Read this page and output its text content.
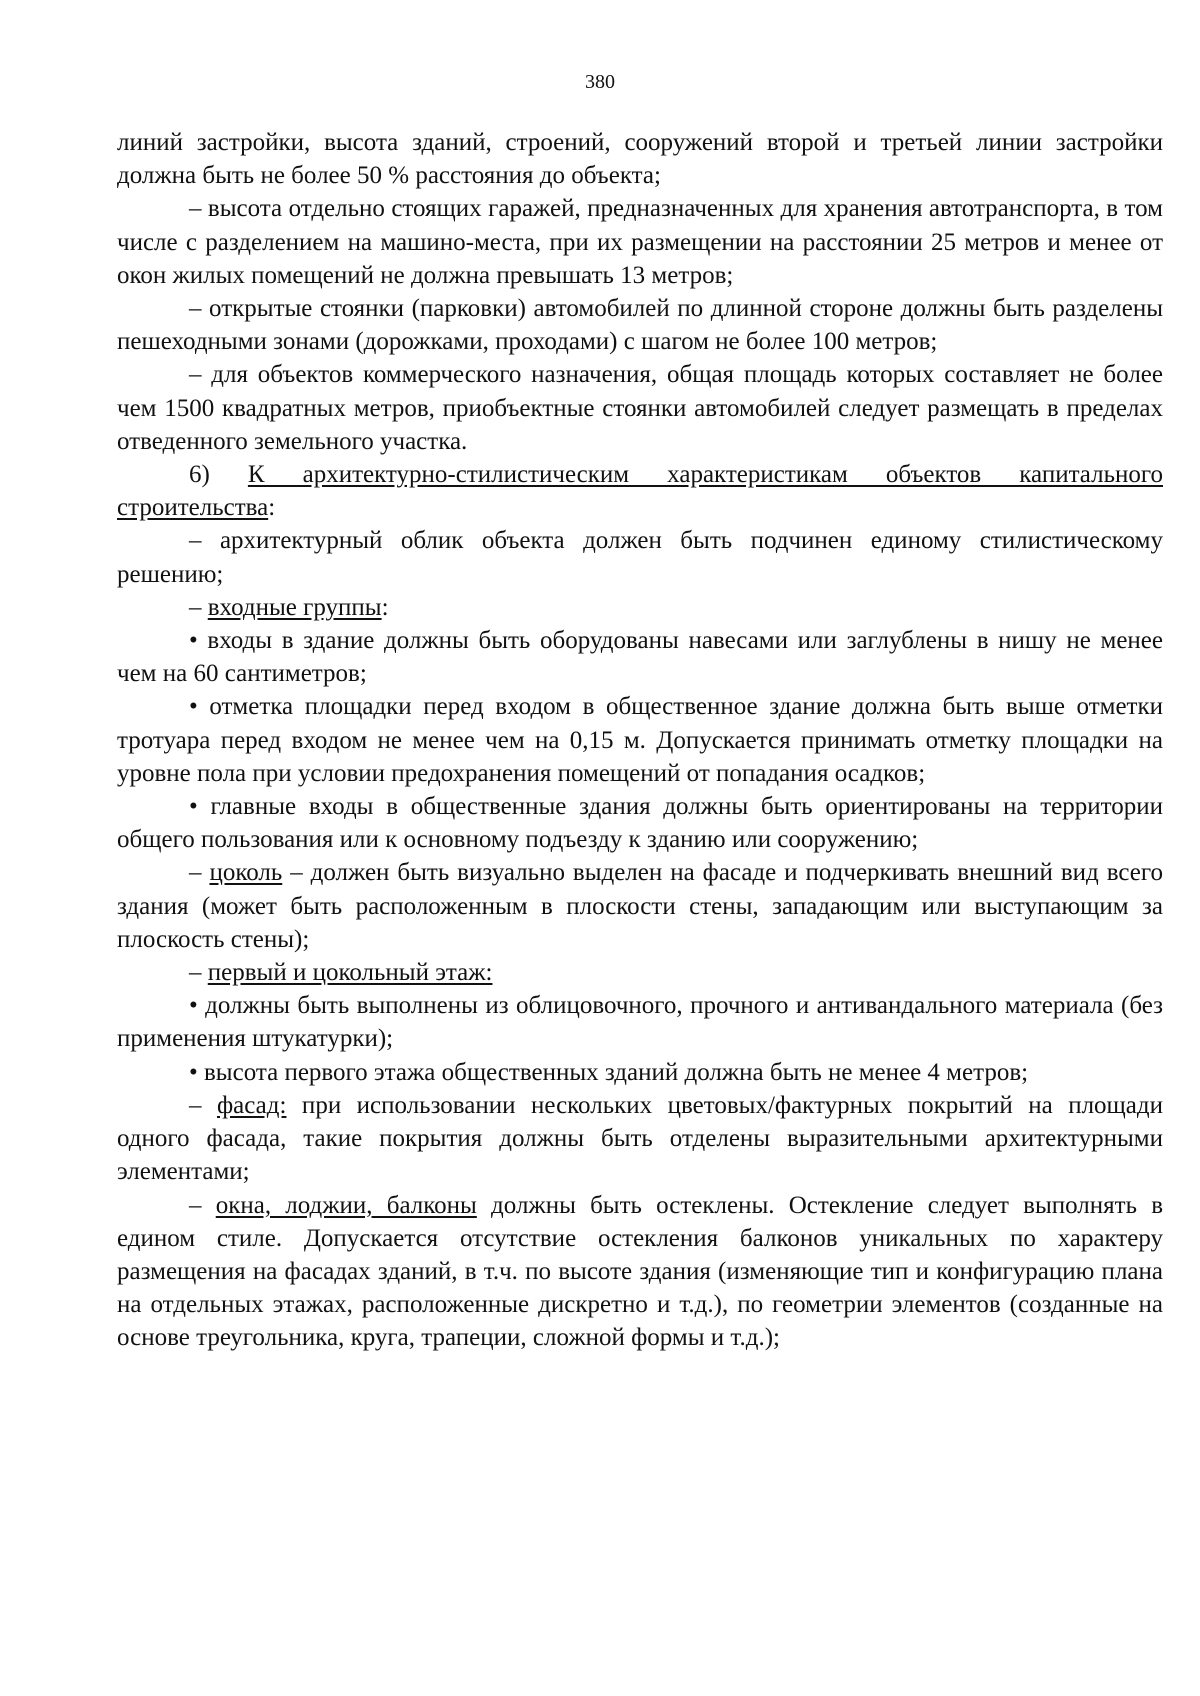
380

линий застройки, высота зданий, строений, сооружений второй и третьей линии застройки должна быть не более 50 % расстояния до объекта;

– высота отдельно стоящих гаражей, предназначенных для хранения автотранспорта, в том числе с разделением на машино-места, при их размещении на расстоянии 25 метров и менее от окон жилых помещений не должна превышать 13 метров;

– открытые стоянки (парковки) автомобилей по длинной стороне должны быть разделены пешеходными зонами (дорожками, проходами) с шагом не более 100 метров;

– для объектов коммерческого назначения, общая площадь которых составляет не более чем 1500 квадратных метров, приобъектные стоянки автомобилей следует размещать в пределах отведенного земельного участка.

6) К архитектурно-стилистическим характеристикам объектов капитального строительства:

– архитектурный облик объекта должен быть подчинен единому стилистическому решению;

– входные группы:

• входы в здание должны быть оборудованы навесами или заглублены в нишу не менее чем на 60 сантиметров;

• отметка площадки перед входом в общественное здание должна быть выше отметки тротуара перед входом не менее чем на 0,15 м. Допускается принимать отметку площадки на уровне пола при условии предохранения помещений от попадания осадков;

• главные входы в общественные здания должны быть ориентированы на территории общего пользования или к основному подъезду к зданию или сооружению;

– цоколь – должен быть визуально выделен на фасаде и подчеркивать внешний вид всего здания (может быть расположенным в плоскости стены, западающим или выступающим за плоскость стены);

– первый и цокольный этаж:

• должны быть выполнены из облицовочного, прочного и антивандального материала (без применения штукатурки);

• высота первого этажа общественных зданий должна быть не менее 4 метров;

– фасад: при использовании нескольких цветовых/фактурных покрытий на площади одного фасада, такие покрытия должны быть отделены выразительными архитектурными элементами;

– окна, лоджии, балконы должны быть остеклены. Остекление следует выполнять в едином стиле. Допускается отсутствие остекления балконов уникальных по характеру размещения на фасадах зданий, в т.ч. по высоте здания (изменяющие тип и конфигурацию плана на отдельных этажах, расположенные дискретно и т.д.), по геометрии элементов (созданные на основе треугольника, круга, трапеции, сложной формы и т.д.);
